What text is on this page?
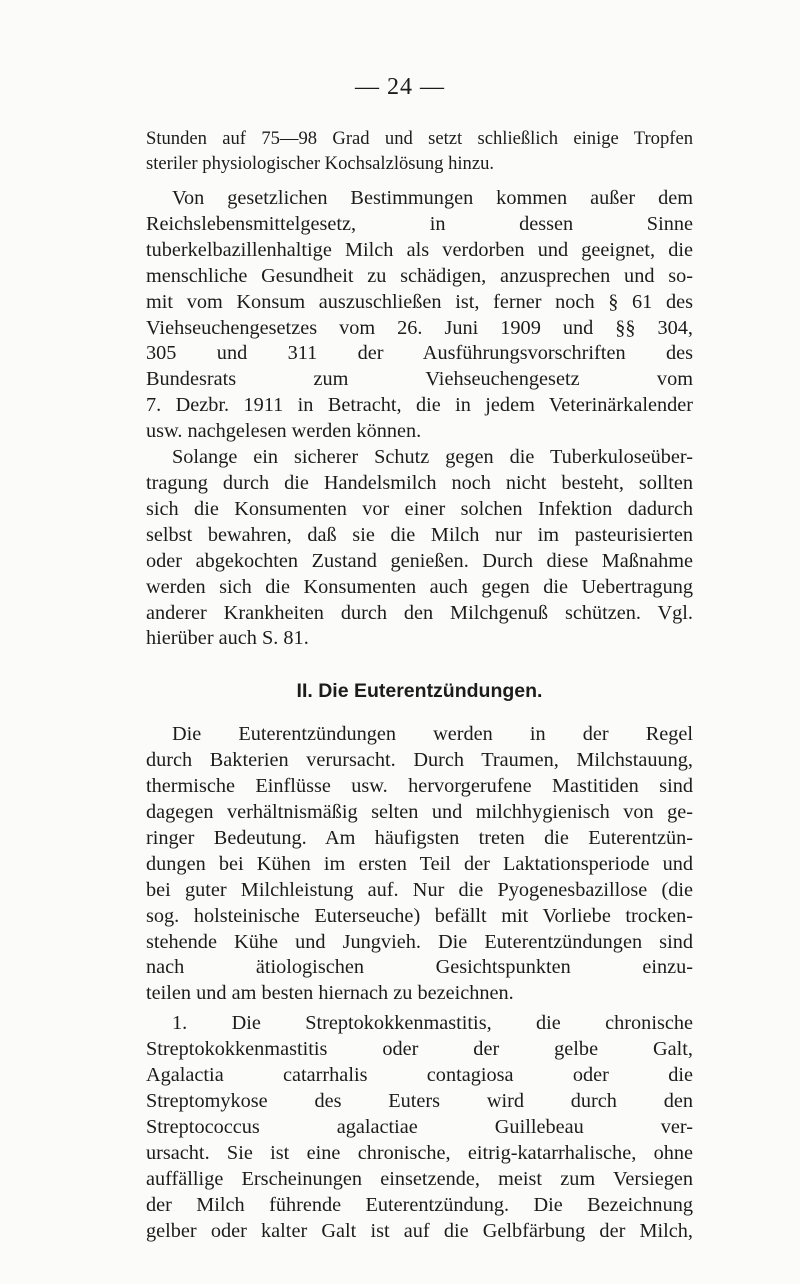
— 24 —
Stunden auf 75—98 Grad und setzt schließlich einige Tropfen
steriler physiologischer Kochsalzlösung hinzu.
Von gesetzlichen Bestimmungen kommen außer dem
Reichslebensmittelgesetz, in dessen Sinne
tuberkelbazillenhaltige Milch als verdorben und geeignet, die
menschliche Gesundheit zu schädigen, anzusprechen und so-
mit vom Konsum auszuschließen ist, ferner noch § 61 des
Viehseuchengesetzes vom 26. Juni 1909 und §§ 304,
305 und 311 der Ausführungsvorschriften des
Bundesrats zum Viehseuchengesetz vom
7. Dezbr. 1911 in Betracht, die in jedem Veterinärkalender
usw. nachgelesen werden können.
Solange ein sicherer Schutz gegen die Tuberkuloseüber-
tragung durch die Handelsmilch noch nicht besteht, sollten
sich die Konsumenten vor einer solchen Infektion dadurch
selbst bewahren, daß sie die Milch nur im pasteurisierten
oder abgekochten Zustand genießen. Durch diese Maßnahme
werden sich die Konsumenten auch gegen die Uebertragung
anderer Krankheiten durch den Milchgenuß schützen. Vgl.
hierüber auch S. 81.
II. Die Euterentzündungen.
Die Euterentzündungen werden in der Regel
durch Bakterien verursacht. Durch Traumen, Milchstauung,
thermische Einflüsse usw. hervorgerufene Mastitiden sind
dagegen verhältnismäßig selten und milchhygienisch von ge-
ringer Bedeutung. Am häufigsten treten die Euterentzün-
dungen bei Kühen im ersten Teil der Laktationsperiode und
bei guter Milchleistung auf. Nur die Pyogenesbazillose (die
sog. holsteinische Euterseuche) befällt mit Vorliebe trocken-
stehende Kühe und Jungvieh. Die Euterentzündungen sind
nach ätiologischen Gesichtspunkten einzu-
teilen und am besten hiernach zu bezeichnen.
1. Die Streptokokkenmastitis, die chronische
Streptokokkenmastitis oder der gelbe Galt,
Agalactia catarrhalis contagiosa oder die
Streptomykose des Euters wird durch den
Streptococcus agalactiae Guillebeau ver-
ursacht. Sie ist eine chronische, eitrig-katarrhalische, ohne
auffällige Erscheinungen einsetzende, meist zum Versiegen
der Milch führende Euterentzündung. Die Bezeichnung
gelber oder kalter Galt ist auf die Gelbfärbung der Milch,
